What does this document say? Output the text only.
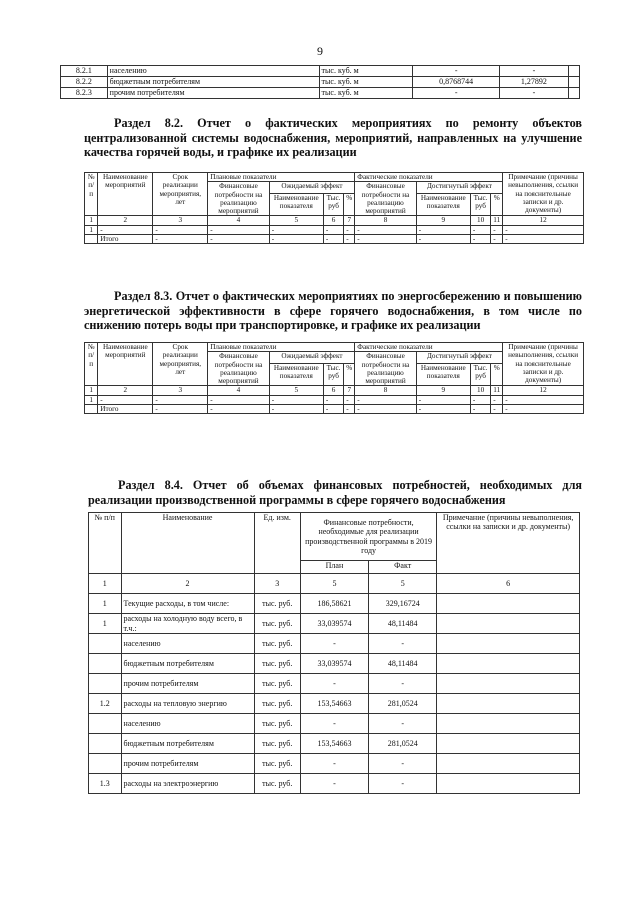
9
8.2.1	населению	тыс. куб. м	-	-	
8.2.2	бюджетным потребителям	тыс. куб. м	0,8768744	1,27892	
8.2.3	прочим потребителям	тыс. куб. м	-	-	
Раздел 8.2. Отчет о фактических мероприятиях по ремонту объектов централизованной системы водоснабжения, мероприятий, направленных на улучшение качества горячей воды, и графике их реализации
№ п/п	Наименование мероприятий	Срок реализации мероприятия, лет	Плановые показатели				Фактические показатели				Примечание (причины невыполнения, ссылки на пояснительные записки и др. документы)
			Финансовые потребности на реализацию мероприятий	Ожидаемый эффект			Финансовые потребности на реализацию мероприятий	Достигнутый эффект			
				Наименование показателя	Тыс. руб	%		Наименование показателя	Тыс. руб	%	
1	2	3	4	5	6	7	8	9	10	11	12
1	-	-	-	-	-	-	-	-	-	-	-
	Итого	-	-	-	-	-	-	-	-	-	-
Раздел 8.3. Отчет о фактических мероприятиях по энергосбережению и повышению энергетической эффективности в сфере горячего водоснабжения, в том числе по снижению потерь воды при транспортировке, и графике их реализации
№ п/п	Наименование мероприятий	Срок реализации мероприятия, лет	Плановые показатели				Фактические показатели				Примечание (причины невыполнения, ссылки на пояснительные записки и др. документы)
			Финансовые потребности на реализацию мероприятий	Ожидаемый эффект			Финансовые потребности на реализацию мероприятий	Достигнутый эффект			
				Наименование показателя	Тыс. руб	%		Наименование показателя	Тыс. руб	%	
1	2	3	4	5	6	7	8	9	10	11	12
1	-	-	-	-	-	-	-	-	-	-	-
	Итого	-	-	-	-	-	-	-	-	-	-
Раздел 8.4. Отчет об объемах финансовых потребностей, необходимых для реализации производственной программы в сфере горячего водоснабжения
№ п/п	Наименование	Ед. изм.	Финансовые потребности, необходимые для реализации производственной программы в 2019 году		Примечание (причины невыполнения, ссылки на записки и др. документы)
			План	Факт	
1	2	3	5	5	6
1	Текущие расходы, в том числе:	тыс. руб.	186,58621	329,16724	
1	расходы на холодную воду всего, в т.ч.:	тыс. руб.	33,039574	48,11484	
	населению	тыс. руб.	-	-	
	бюджетным потребителям	тыс. руб.	33,039574	48,11484	
	прочим потребителям	тыс. руб.	-	-	
1.2	расходы на тепловую энергию	тыс. руб.	153,54663	281,0524	
	населению	тыс. руб.	-	-	
	бюджетным потребителям	тыс. руб.	153,54663	281,0524	
	прочим потребителям	тыс. руб.	-	-	
1.3	расходы на электроэнергию	тыс. руб.	-	-	
